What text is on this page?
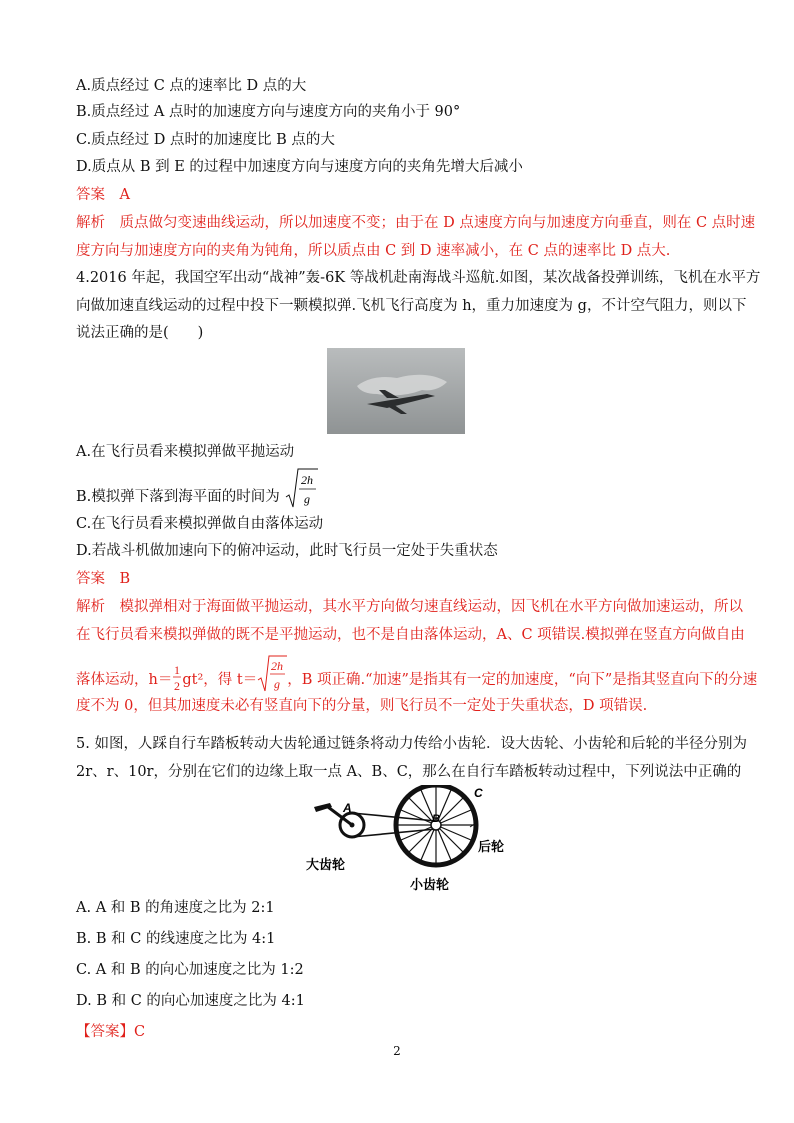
A.质点经过 C 点的速率比 D 点的大
B.质点经过 A 点时的加速度方向与速度方向的夹角小于 90°
C.质点经过 D 点时的加速度比 B 点的大
D.质点从 B 到 E 的过程中加速度方向与速度方向的夹角先增大后减小
答案　A
解析　质点做匀变速曲线运动，所以加速度不变；由于在 D 点速度方向与加速度方向垂直，则在 C 点时速
度方向与加速度方向的夹角为钝角，所以质点由 C 到 D 速率减小，在 C 点的速率比 D 点大.
4.2016 年起，我国空军出动“战神”轰-6K 等战机赴南海战斗巡航.如图，某次战备投弹训练，飞机在水平方
向做加速直线运动的过程中投下一颗模拟弹.飞机飞行高度为 h，重力加速度为 g，不计空气阻力，则以下
说法正确的是(　　)
A.在飞行员看来模拟弹做平抛运动
B.模拟弹下落到海平面的时间为
2h
g
C.在飞行员看来模拟弹做自由落体运动
D.若战斗机做加速向下的俯冲运动，此时飞行员一定处于失重状态
答案　B
解析　模拟弹相对于海面做平抛运动，其水平方向做匀速直线运动，因飞机在水平方向做加速运动，所以
在飞行员看来模拟弹做的既不是平抛运动，也不是自由落体运动，A、C 项错误.模拟弹在竖直方向做自由
落体运动，h＝
1
2 gt²，得 t＝
2h
g ，B 项正确.“加速”是指其有一定的加速度，“向下”是指其竖直向下的分速
度不为 0，但其加速度未必有竖直向下的分量，则飞行员不一定处于失重状态，D 项错误.
5. 如图，人踩自行车踏板转动大齿轮通过链条将动力传给小齿轮．设大齿轮、小齿轮和后轮的半径分别为
2r、r、10r，分别在它们的边缘上取一点 A、B、C，那么在自行车踏板转动过程中，下列说法中正确的
A
B
C
后轮
大齿轮
小齿轮
A. A 和 B 的角速度之比为 2:1
B. B 和 C 的线速度之比为 4:1
C. A 和 B 的向心加速度之比为 1:2
D. B 和 C 的向心加速度之比为 4:1
【答案】C
2
